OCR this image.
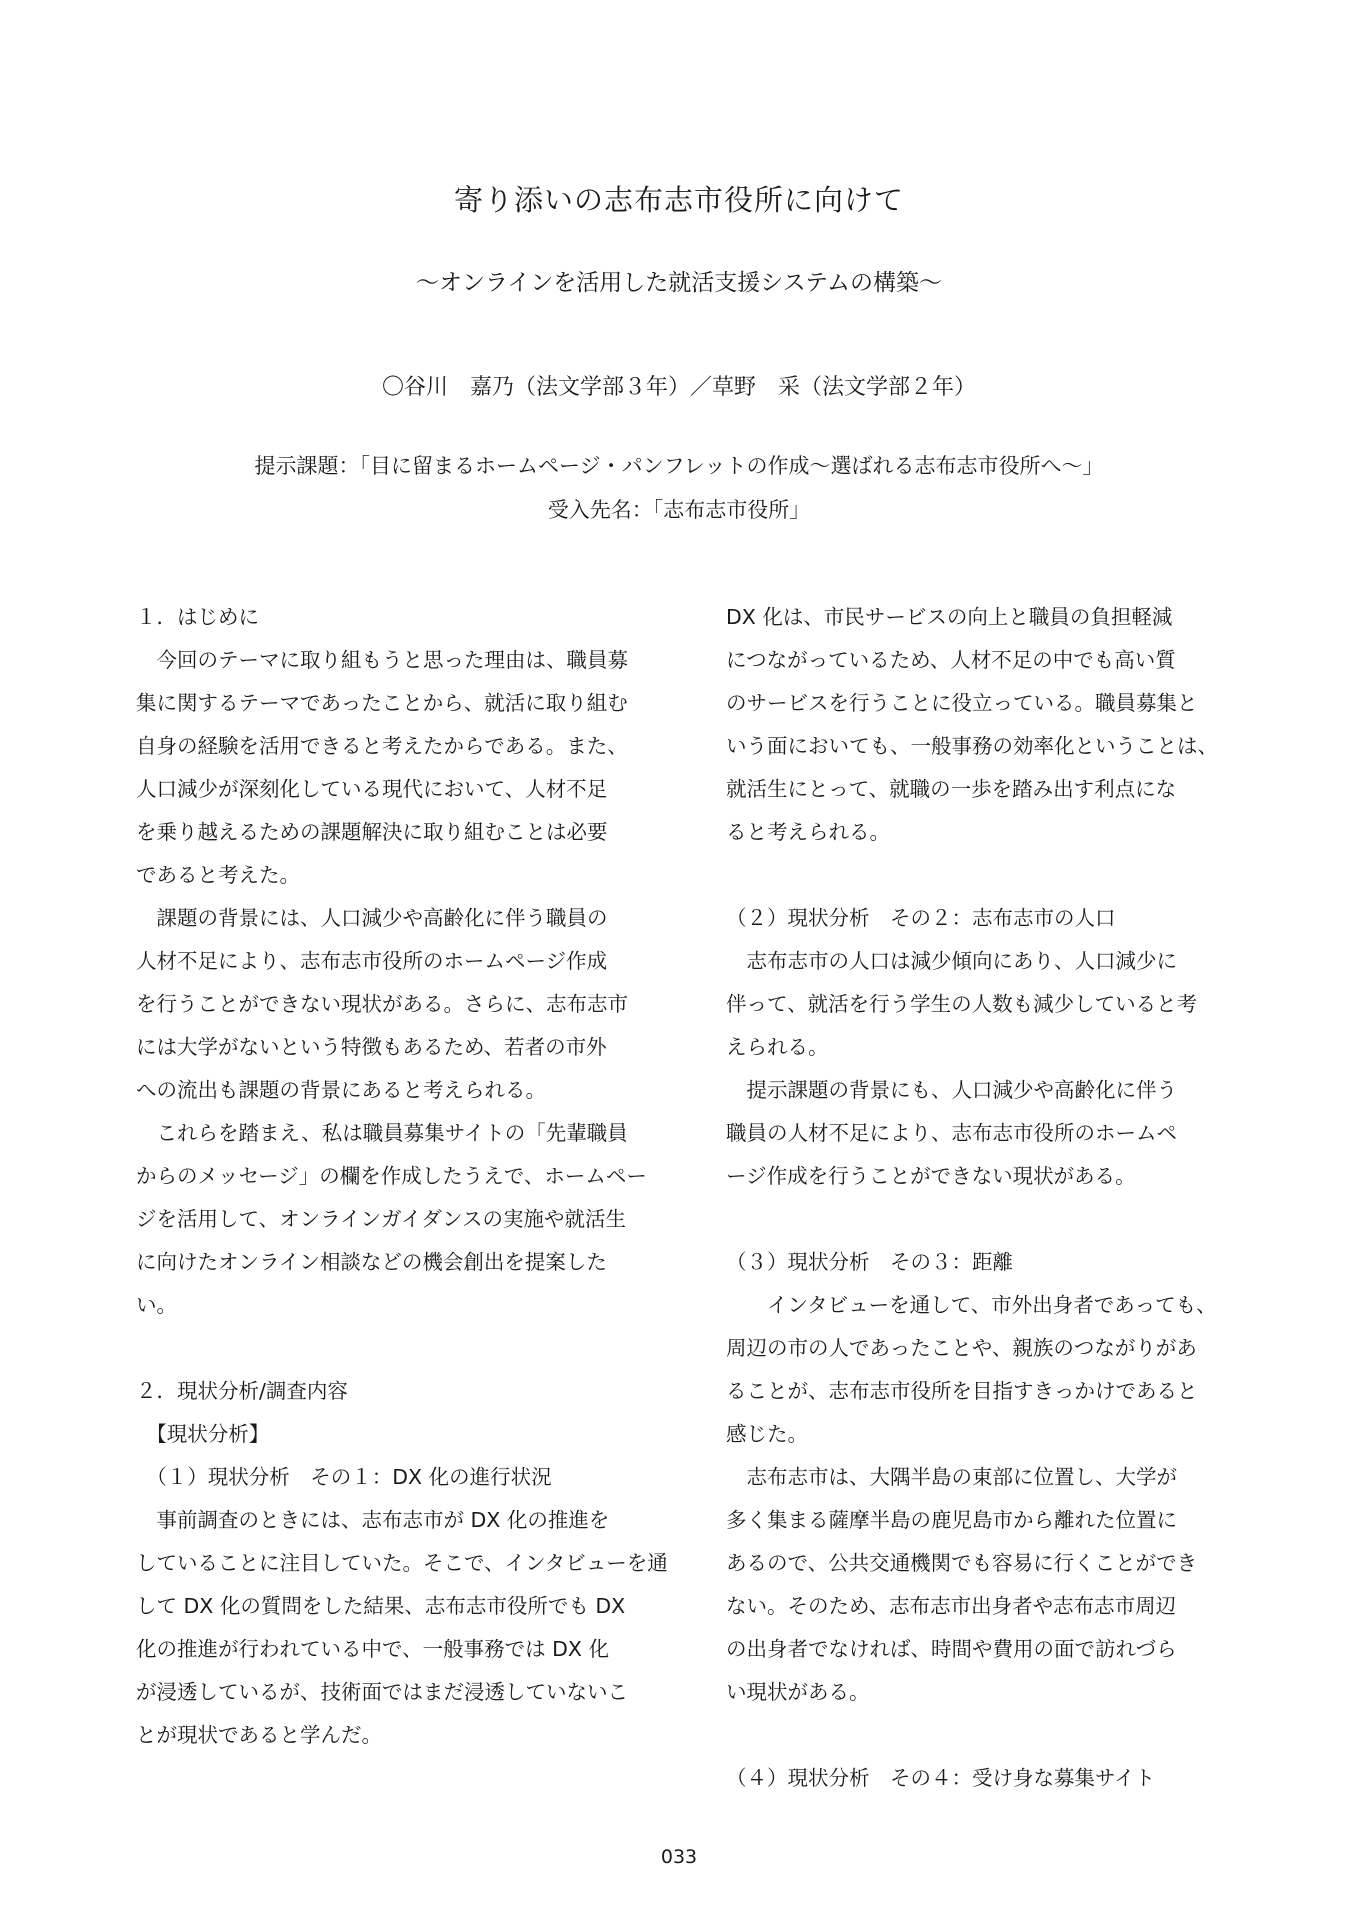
寄り添いの志布志市役所に向けて
～オンラインを活用した就活支援システムの構築～
〇谷川　嘉乃（法文学部３年）／草野　采（法文学部２年）
提示課題：「目に留まるホームページ・パンフレットの作成～選ばれる志布志市役所へ～」
受入先名：「志布志市役所」
１．はじめに
　今回のテーマに取り組もうと思った理由は、職員募
集に関するテーマであったことから、就活に取り組む
自身の経験を活用できると考えたからである。また、
人口減少が深刻化している現代において、人材不足
を乗り越えるための課題解決に取り組むことは必要
であると考えた。
　課題の背景には、人口減少や高齢化に伴う職員の
人材不足により、志布志市役所のホームページ作成
を行うことができない現状がある。さらに、志布志市
には大学がないという特徴もあるため、若者の市外
への流出も課題の背景にあると考えられる。
　これらを踏まえ、私は職員募集サイトの「先輩職員
からのメッセージ」の欄を作成したうえで、ホームペー
ジを活用して、オンラインガイダンスの実施や就活生
に向けたオンライン相談などの機会創出を提案した
い。
２．現状分析/調査内容
　【現状分析】
　（１）現状分析　その１：DX 化の進行状況
　事前調査のときには、志布志市が DX 化の推進を
していることに注目していた。そこで、インタビューを通
して DX 化の質問をした結果、志布志市役所でも DX
化の推進が行われている中で、一般事務では DX 化
が浸透しているが、技術面ではまだ浸透していないこ
とが現状であると学んだ。
DX 化は、市民サービスの向上と職員の負担軽減
につながっているため、人材不足の中でも高い質
のサービスを行うことに役立っている。職員募集と
いう面においても、一般事務の効率化ということは、
就活生にとって、就職の一歩を踏み出す利点にな
ると考えられる。
（２）現状分析　その２：志布志市の人口
　志布志市の人口は減少傾向にあり、人口減少に
伴って、就活を行う学生の人数も減少していると考
えられる。
　提示課題の背景にも、人口減少や高齢化に伴う
職員の人材不足により、志布志市役所のホームペ
ージ作成を行うことができない現状がある。
（３）現状分析　その３：距離
　　インタビューを通して、市外出身者であっても、
周辺の市の人であったことや、親族のつながりがあ
ることが、志布志市役所を目指すきっかけであると
感じた。
　志布志市は、大隅半島の東部に位置し、大学が
多く集まる薩摩半島の鹿児島市から離れた位置に
あるので、公共交通機関でも容易に行くことができ
ない。そのため、志布志市出身者や志布志市周辺
の出身者でなければ、時間や費用の面で訪れづら
い現状がある。
（４）現状分析　その４：受け身な募集サイト
033
